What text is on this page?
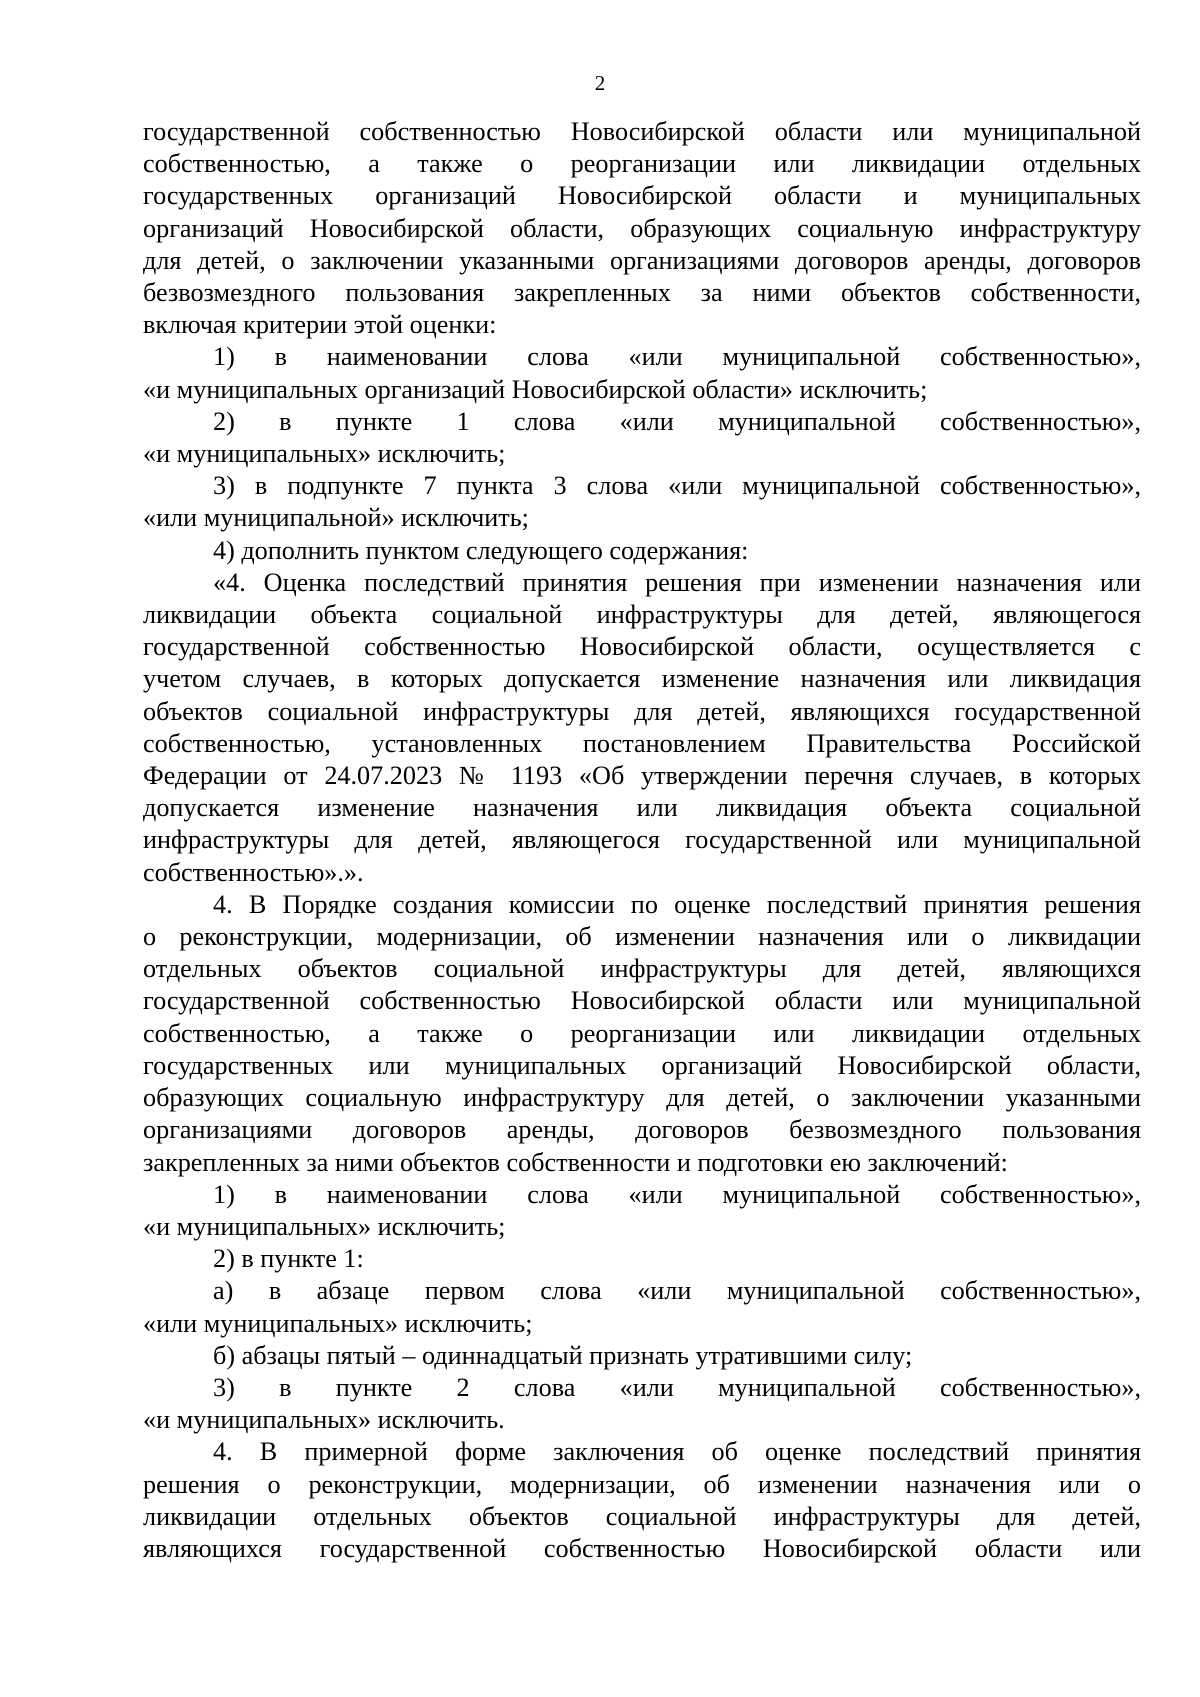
2

государственной собственностью Новосибирской области или муниципальной

собственностью, а также о реорганизации или ликвидации отдельных

государственных организаций Новосибирской области и муниципальных

организаций Новосибирской области, образующих социальную инфраструктуру

для детей, о заключении указанными организациями договоров аренды, договоров

безвозмездного пользования закрепленных за ними объектов собственности,

включая критерии этой оценки:

1) в наименовании слова «или муниципальной собственностью»,

«и муниципальных организаций Новосибирской области» исключить;

2) в пункте 1 слова «или муниципальной собственностью»,

«и муниципальных» исключить;

3) в подпункте 7 пункта 3 слова «или муниципальной собственностью»,

«или муниципальной» исключить;

4) дополнить пунктом следующего содержания:

«4. Оценка последствий принятия решения при изменении назначения или

ликвидации объекта социальной инфраструктуры для детей, являющегося

государственной собственностью Новосибирской области, осуществляется с

учетом случаев, в которых допускается изменение назначения или ликвидация

объектов социальной инфраструктуры для детей, являющихся государственной

собственностью, установленных постановлением Правительства Российской

Федерации от 24.07.2023 № 1193 «Об утверждении перечня случаев, в которых

допускается изменение назначения или ликвидация объекта социальной

инфраструктуры для детей, являющегося государственной или муниципальной

собственностью».».

4. В Порядке создания комиссии по оценке последствий принятия решения

о реконструкции, модернизации, об изменении назначения или о ликвидации

отдельных объектов социальной инфраструктуры для детей, являющихся

государственной собственностью Новосибирской области или муниципальной

собственностью, а также о реорганизации или ликвидации отдельных

государственных или муниципальных организаций Новосибирской области,

образующих социальную инфраструктуру для детей, о заключении указанными

организациями договоров аренды, договоров безвозмездного пользования

закрепленных за ними объектов собственности и подготовки ею заключений:

1) в наименовании слова «или муниципальной собственностью»,

«и муниципальных» исключить;

2) в пункте 1:

а) в абзаце первом слова «или муниципальной собственностью»,

«или муниципальных» исключить;

б) абзацы пятый – одиннадцатый признать утратившими силу;

3) в пункте 2 слова «или муниципальной собственностью»,

«и муниципальных» исключить.

4. В примерной форме заключения об оценке последствий принятия

решения о реконструкции, модернизации, об изменении назначения или о

ликвидации отдельных объектов социальной инфраструктуры для детей,

являющихся государственной собственностью Новосибирской области или
